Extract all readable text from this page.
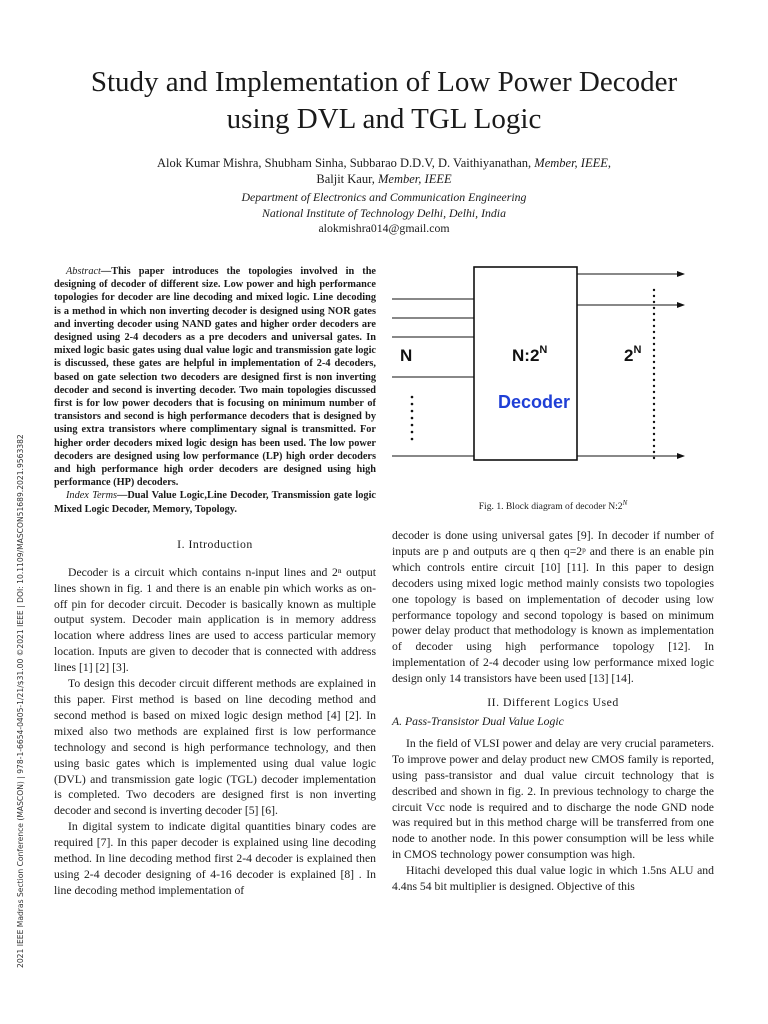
2021 IEEE Madras Section Conference (MASCON) | 978-1-6654-0405-1/21/$31.00 ©2021 IEEE | DOI: 10.1109/MASCON51689.2021.9563382
Study and Implementation of Low Power Decoder
using DVL and TGL Logic
Alok Kumar Mishra, Shubham Sinha, Subbarao D.D.V, D. Vaithiyanathan, Member, IEEE,
Baljit Kaur, Member, IEEE
Department of Electronics and Communication Engineering
National Institute of Technology Delhi, Delhi, India
alokmishra014@gmail.com

Abstract—This paper introduces the topologies involved in the designing of decoder of different size. Low power and high performance topologies for decoder are line decoding and mixed logic. Line decoding is a method in which non inverting decoder is designed using NOR gates and inverting decoder using NAND gates and higher order decoders are designed using 2-4 decoders as a pre decoders and universal gates. In mixed logic basic gates using dual value logic and transmission gate logic is discussed, these gates are helpful in implementation of 2-4 decoders, based on gate selection two decoders are designed first is non inverting decoder and second is inverting decoder. Two main topologies discussed first is for low power decoders that is focusing on minimum number of transistors and second is high performance decoders that is designed by using extra transistors where complimentary signal is transmitted. For higher order decoders mixed logic design has been used. The low power decoders are designed using low performance (LP) high order decoders and high performance high order decoders are designed using high performance (HP) decoders.

Index Terms—Dual Value Logic,Line Decoder, Transmission gate logic Mixed Logic Decoder, Memory, Topology.

I. Introduction

Decoder is a circuit which contains n-input lines and 2ⁿ output lines shown in fig. 1 and there is an enable pin which works as on-off pin for decoder circuit. Decoder is basically known as multiple output system. Decoder main application is in memory address location where address lines are used to access particular memory location. Inputs are given to decoder that is connected with address lines [1] [2] [3].

To design this decoder circuit different methods are explained in this paper. First method is based on line decoding method and second method is based on mixed logic design method [4] [2]. In mixed also two methods are explained first is low performance technology and second is high performance technology, and then using basic gates which is implemented using dual value logic (DVL) and transmission gate logic (TGL) decoder implementation is completed. Two decoders are designed first is non inverting decoder and second is inverting decoder [5] [6].

In digital system to indicate digital quantities binary codes are required [7]. In this paper decoder is explained using line decoding method. In line decoding method first 2-4 decoder is explained then using 2-4 decoder designing of 4-16 decoder is explained [8] . In line decoding method implementation of

N	$N:2^N$
Decoder
$2^N$
Fig. 1. Block diagram of decoder $N:2^N$

decoder is done using universal gates [9]. In decoder if number of inputs are p and outputs are q then q=2ᵖ and there is an enable pin which controls entire circuit [10] [11]. In this paper to design decoders using mixed logic method mainly consists two topologies one topology is based on implementation of decoder using low performance topology and second topology is based on minimum power delay product that methodology is known as implementation of decoder using high performance topology [12]. In implementation of 2-4 decoder using low performance mixed logic design only 14 transistors have been used [13] [14].

II. Different Logics Used

A. Pass-Transistor Dual Value Logic

In the field of VLSI power and delay are very crucial parameters. To improve power and delay product new CMOS family is reported, using pass-transistor and dual value circuit technology that is described and shown in fig. 2. In previous technology to charge the circuit Vcc node is required and to discharge the node GND node was required but in this method charge will be transferred from one node to another node. In this power consumption will be less while in CMOS technology power consumption was high.

Hitachi developed this dual value logic in which 1.5ns ALU and 4.4ns 54 bit multiplier is designed. Objective of this
